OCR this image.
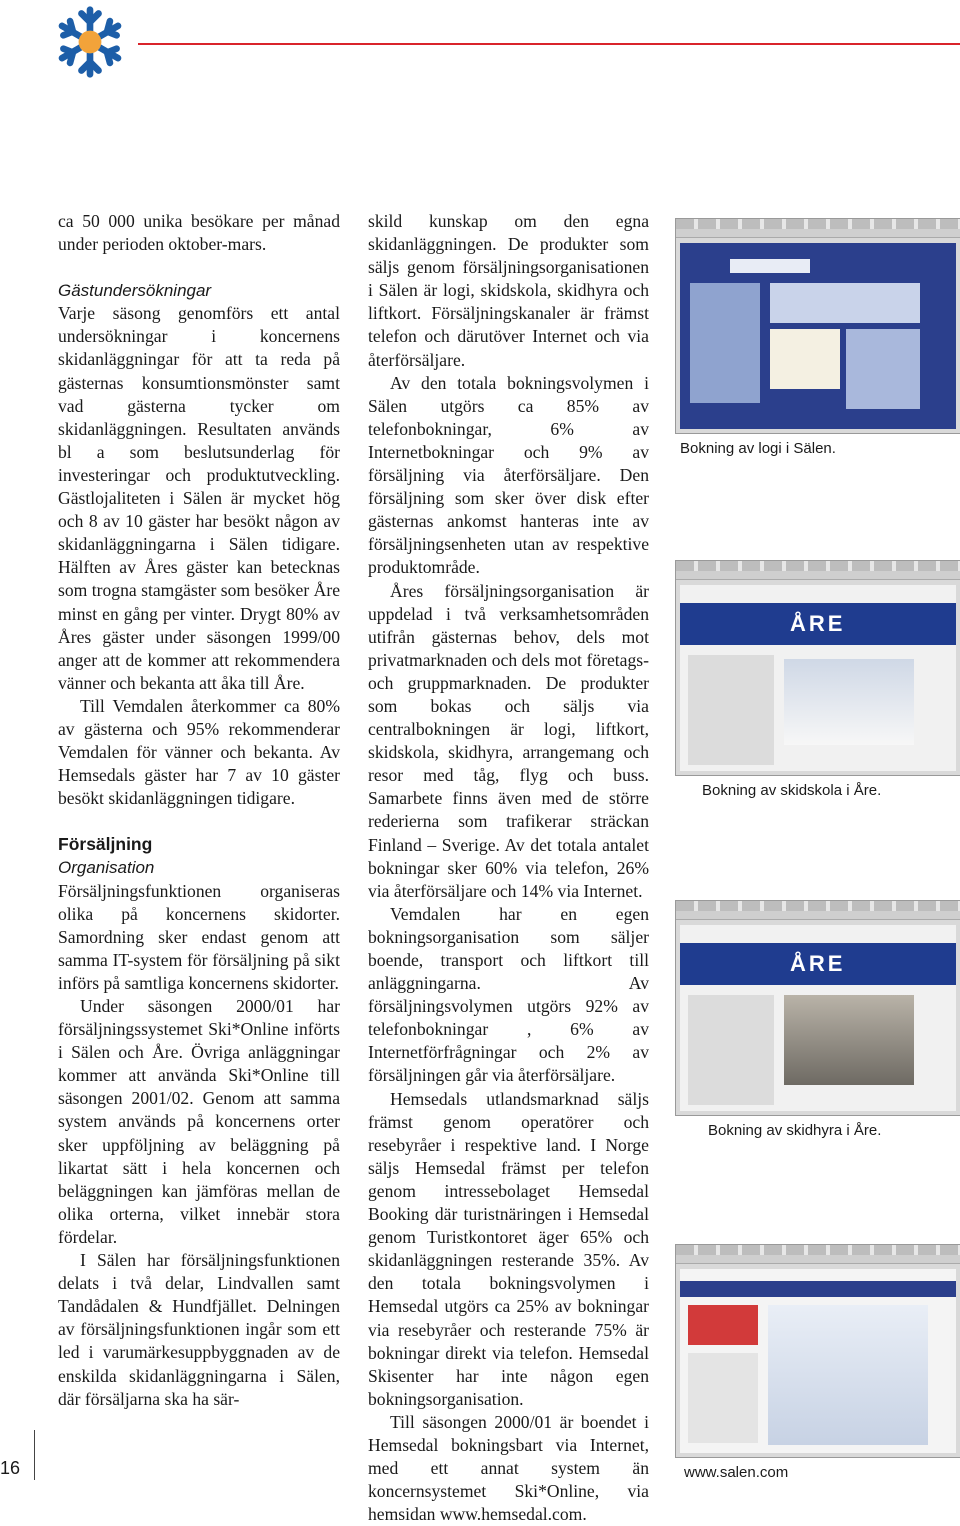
ca 50 000 unika besökare per månad under perioden oktober-mars.

Gästundersökningar

Varje säsong genomförs ett antal undersökningar i koncernens skidanläggningar för att ta reda på gästernas konsumtionsmönster samt vad gästerna tycker om skidanläggningen. Resultaten används bl a som beslutsunderlag för investeringar och produktutveckling. Gästlojaliteten i Sälen är mycket hög och 8 av 10 gäster har besökt någon av skidanläggningarna i Sälen tidigare. Hälften av Åres gäster kan betecknas som trogna stamgäster som besöker Åre minst en gång per vinter. Drygt 80% av Åres gäster under säsongen 1999/00 anger att de kommer att rekommendera vänner och bekanta att åka till Åre.

Till Vemdalen återkommer ca 80% av gästerna och 95% rekommenderar Vemdalen för vänner och bekanta. Av Hemsedals gäster har 7 av 10 gäster besökt skidanläggningen tidigare.

Försäljning

Organisation

Försäljningsfunktionen organiseras olika på koncernens skidorter. Samordning sker endast genom att samma IT-system för försäljning på sikt införs på samtliga koncernens skidorter.

Under säsongen 2000/01 har försäljningssystemet Ski*Online införts i Sälen och Åre. Övriga anläggningar kommer att använda Ski*Online till säsongen 2001/02. Genom att samma system används på koncernens orter sker uppföljning av beläggning på likartat sätt i hela koncernen och beläggningen kan jämföras mellan de olika orterna, vilket innebär stora fördelar.

I Sälen har försäljningsfunktionen delats i två delar, Lindvallen samt Tandådalen & Hundfjället. Delningen av försäljningsfunktionen ingår som ett led i varumärkesuppbyggnaden av de enskilda skidanläggningarna i Sälen, där försäljarna ska ha sär-

skild kunskap om den egna skidanläggningen. De produkter som säljs genom försäljningsorganisationen i Sälen är logi, skidskola, skidhyra och liftkort. Försäljningskanaler är främst telefon och därutöver Internet och via återförsäljare.

Av den totala bokningsvolymen i Sälen utgörs ca 85% av telefonbokningar, 6% av Internetbokningar och 9% av försäljning via återförsäljare. Den försäljning som sker över disk efter gästernas ankomst hanteras inte av försäljningsenheten utan av respektive produktområde.

Åres försäljningsorganisation är uppdelad i två verksamhetsområden utifrån gästernas behov, dels mot privatmarknaden och dels mot företags- och gruppmarknaden. De produkter som bokas och säljs via centralbokningen är logi, liftkort, skidskola, skidhyra, arrangemang och resor med tåg, flyg och buss. Samarbete finns även med de större rederierna som trafikerar sträckan Finland – Sverige. Av det totala antalet bokningar sker 60% via telefon, 26% via återförsäljare och 14% via Internet.

Vemdalen har en egen bokningsorganisation som säljer boende, transport och liftkort till anläggningarna. Av försäljningsvolymen utgörs 92% av telefonbokningar , 6% av Internetförfrågningar och 2% av försäljningen går via återförsäljare.

Hemsedals utlandsmarknad säljs främst genom operatörer och resebyråer i respektive land. I Norge säljs Hemsedal främst per telefon genom intressebolaget Hemsedal Booking där turistnäringen i Hemsedal genom Turistkontoret äger 65% och skidanläggningen resterande 35%. Av den totala bokningsvolymen i Hemsedal utgörs ca 25% av bokningar via resebyråer och resterande 75% är bokningar direkt via telefon. Hemsedal Skisenter har inte någon egen bokningsorganisation.

Till säsongen 2000/01 är boendet i Hemsedal bokningsbart via Internet, med ett annat system än koncernsystemet Ski*Online, via hemsidan www.hemsedal.com.

Bokning av logi i Sälen.
ÅRE
Bokning av skidskola i Åre.
ÅRE
Bokning av skidhyra i Åre.
www.salen.com
16
